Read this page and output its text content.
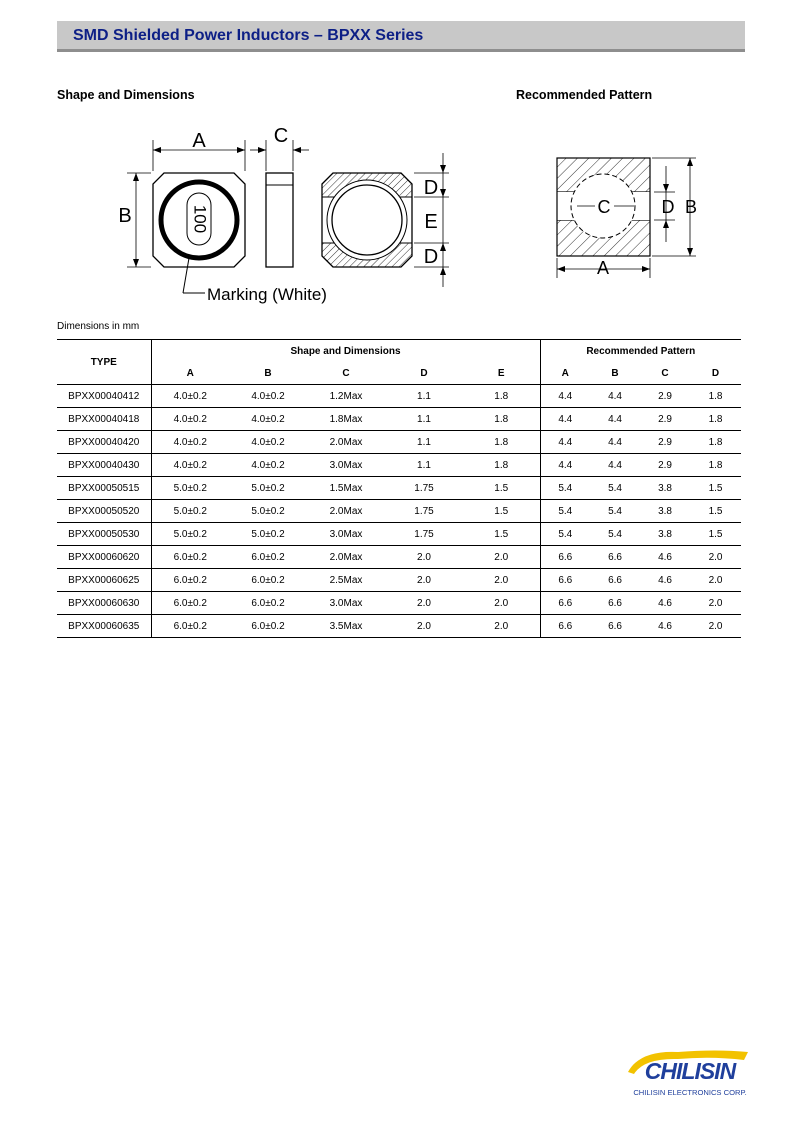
SMD Shielded Power Inductors – BPXX Series
Shape and Dimensions	Recommended Pattern
100
Marking (White)
A
B
C
D
E
D
C	D B
A
Dimensions in mm
TYPE	Shape and Dimensions					Recommended Pattern			
	A	B	C	D	E	A	B	C	D
BPXX00040412	4.0±0.2	4.0±0.2	1.2Max	1.1	1.8	4.4	4.4	2.9	1.8
BPXX00040418	4.0±0.2	4.0±0.2	1.8Max	1.1	1.8	4.4	4.4	2.9	1.8
BPXX00040420	4.0±0.2	4.0±0.2	2.0Max	1.1	1.8	4.4	4.4	2.9	1.8
BPXX00040430	4.0±0.2	4.0±0.2	3.0Max	1.1	1.8	4.4	4.4	2.9	1.8
BPXX00050515	5.0±0.2	5.0±0.2	1.5Max	1.75	1.5	5.4	5.4	3.8	1.5
BPXX00050520	5.0±0.2	5.0±0.2	2.0Max	1.75	1.5	5.4	5.4	3.8	1.5
BPXX00050530	5.0±0.2	5.0±0.2	3.0Max	1.75	1.5	5.4	5.4	3.8	1.5
BPXX00060620	6.0±0.2	6.0±0.2	2.0Max	2.0	2.0	6.6	6.6	4.6	2.0
BPXX00060625	6.0±0.2	6.0±0.2	2.5Max	2.0	2.0	6.6	6.6	4.6	2.0
BPXX00060630	6.0±0.2	6.0±0.2	3.0Max	2.0	2.0	6.6	6.6	4.6	2.0
BPXX00060635	6.0±0.2	6.0±0.2	3.5Max	2.0	2.0	6.6	6.6	4.6	2.0
CHILISIN
CHILISIN ELECTRONICS CORP.
